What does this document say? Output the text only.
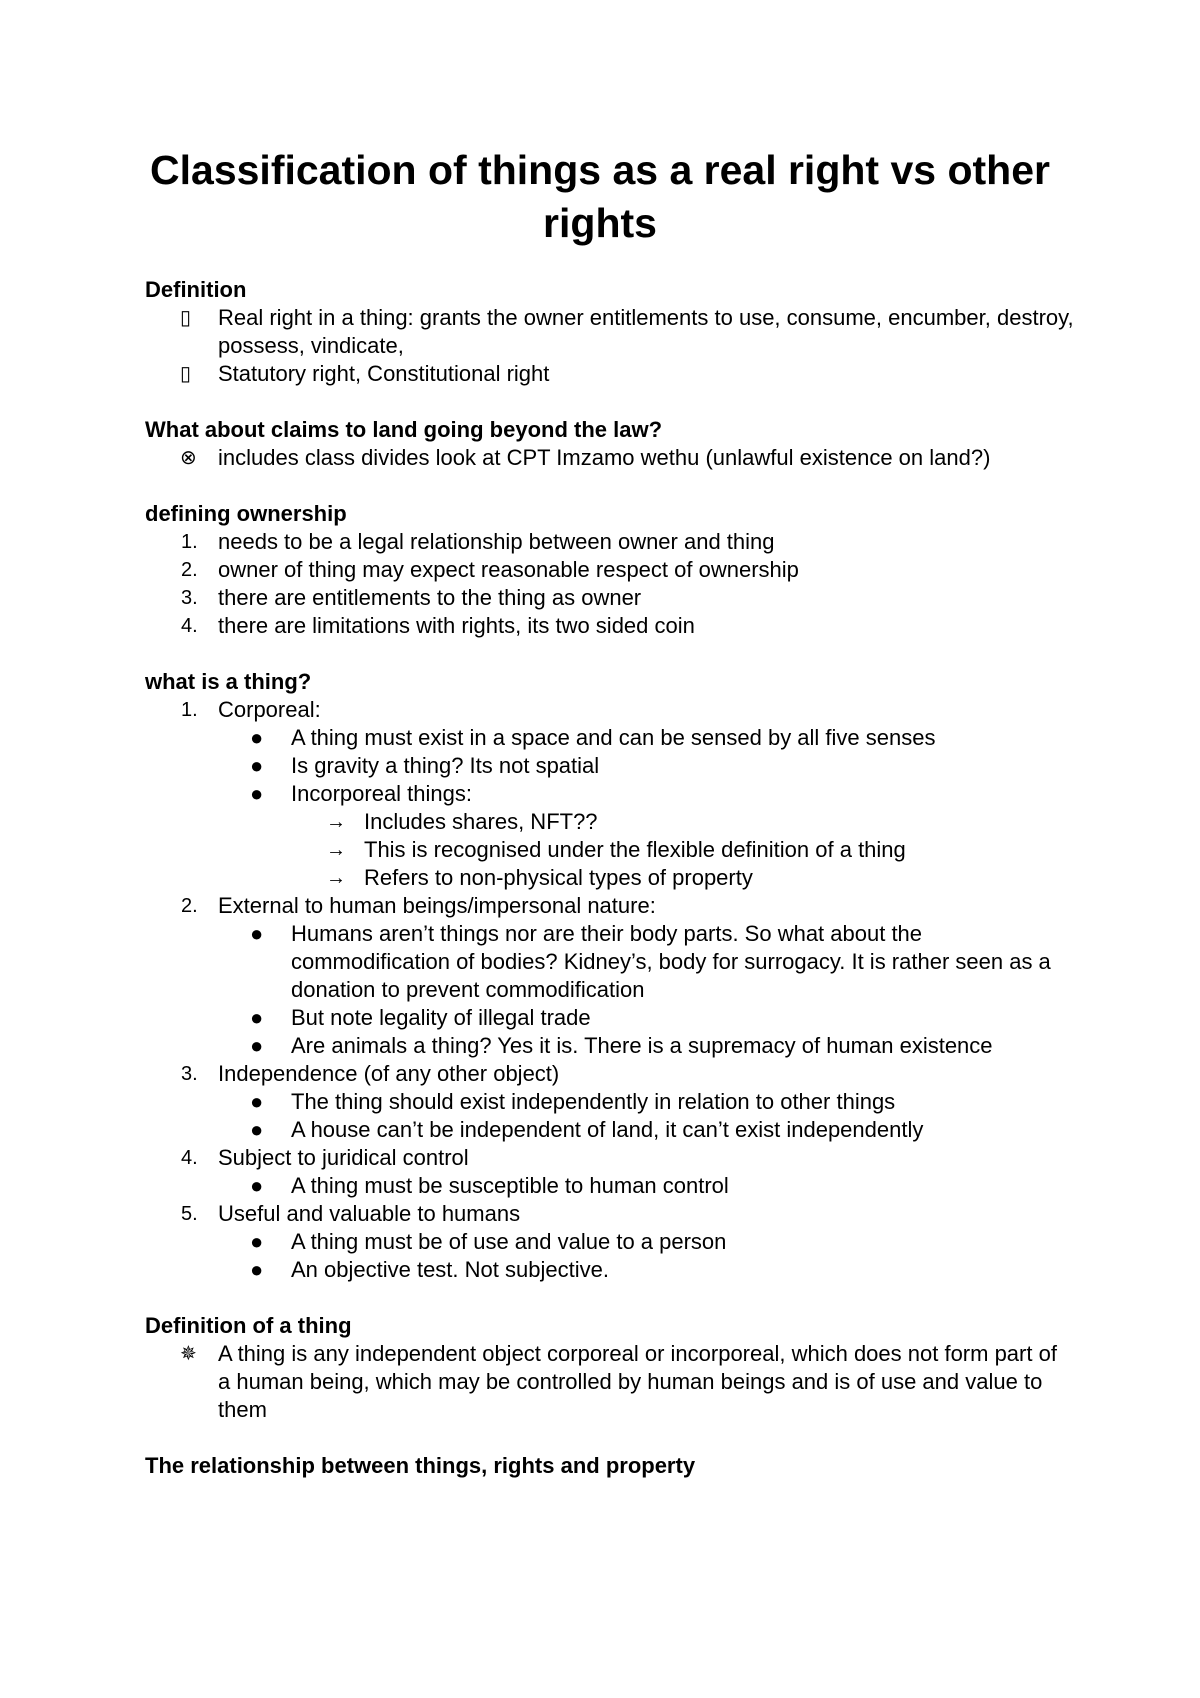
Classification of things as a real right vs other rights
Definition
▯	Real right in a thing: grants the owner entitlements to use, consume, encumber, destroy, possess, vindicate,
▯	Statutory right, Constitutional right
What about claims to land going beyond the law?
⊗ includes class divides look at CPT Imzamo wethu (unlawful existence on land?)
defining ownership
1. needs to be a legal relationship between owner and thing
2. owner of thing may expect reasonable respect of ownership
3. there are entitlements to the thing as owner
4. there are limitations with rights, its two sided coin
what is a thing?
1. Corporeal:
●	A thing must exist in a space and can be sensed by all five senses
●	Is gravity a thing? Its not spatial
●	Incorporeal things:
→ Includes shares, NFT??
→ This is recognised under the flexible definition of a thing
→ Refers to non-physical types of property
2. External to human beings/impersonal nature:
●	Humans aren’t things nor are their body parts. So what about the commodification of bodies? Kidney’s, body for surrogacy. It is rather seen as a donation to prevent commodification
●	But note legality of illegal trade
●	Are animals a thing? Yes it is. There is a supremacy of human existence
3. Independence (of any other object)
●	The thing should exist independently in relation to other things
●	A house can’t be independent of land, it can’t exist independently
4. Subject to juridical control
●	A thing must be susceptible to human control
5. Useful and valuable to humans
●	A thing must be of use and value to a person
●	An objective test. Not subjective.
Definition of a thing
✵ A thing is any independent object corporeal or incorporeal, which does not form part of a human being, which may be controlled by human beings and is of use and value to them
The relationship between things, rights and property
